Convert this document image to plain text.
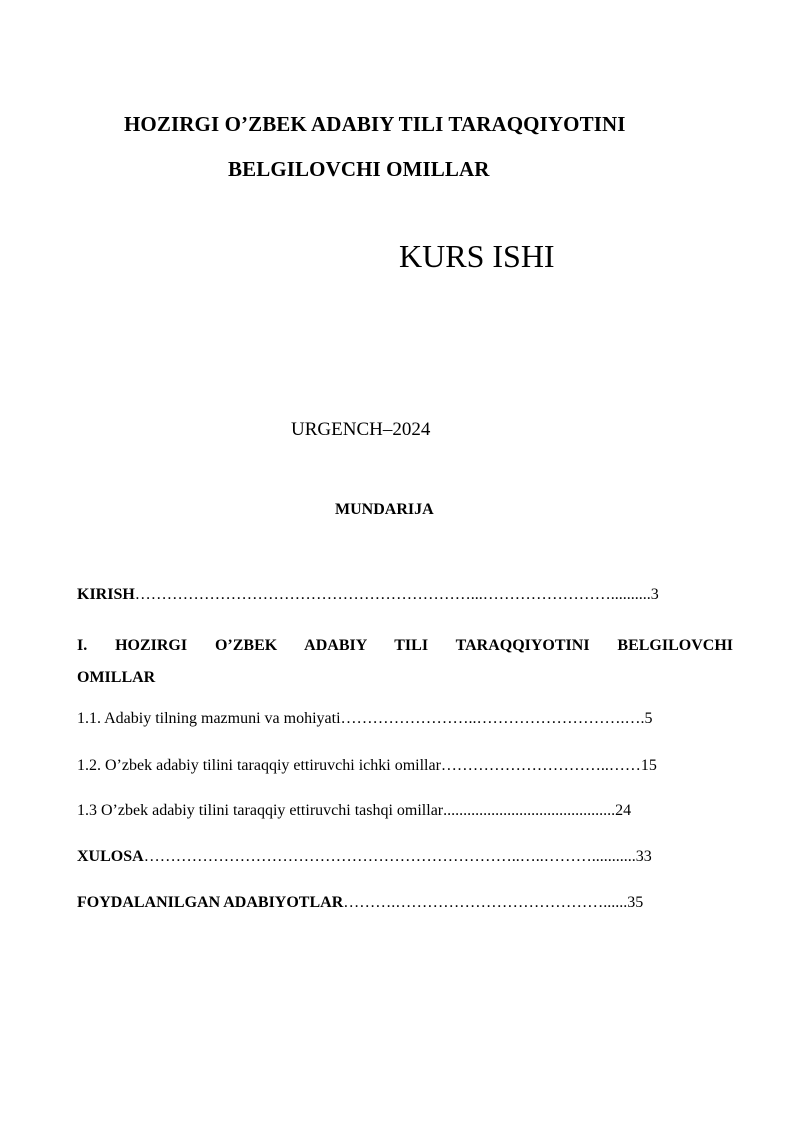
HOZIRGI O’ZBEK ADABIY TILI TARAQQIYOTINI
BELGILOVCHI OMILLAR
KURS ISHI
URGENCH–2024
MUNDARIJA
KIRISH ………………………………………………………...…………………….......... 3
I. HOZIRGI O’ZBEK ADABIY TILI TARAQQIYOTINI BELGILOVCHI
OMILLAR
1.1. Adabiy tilning mazmuni va mohiyati ……………………..……………………….…. 5
1.2. O’zbek adabiy tilini taraqqiy ettiruvchi ichki omillar …………………………..…… 15
1.3 O’zbek adabiy tilini taraqqiy ettiruvchi tashqi omillar ........................................... 24
XULOSA ……………………………………………………………..…..………........... 33
FOYDALANILGAN ADABIYOTLAR ……….…………………………………...... 35
